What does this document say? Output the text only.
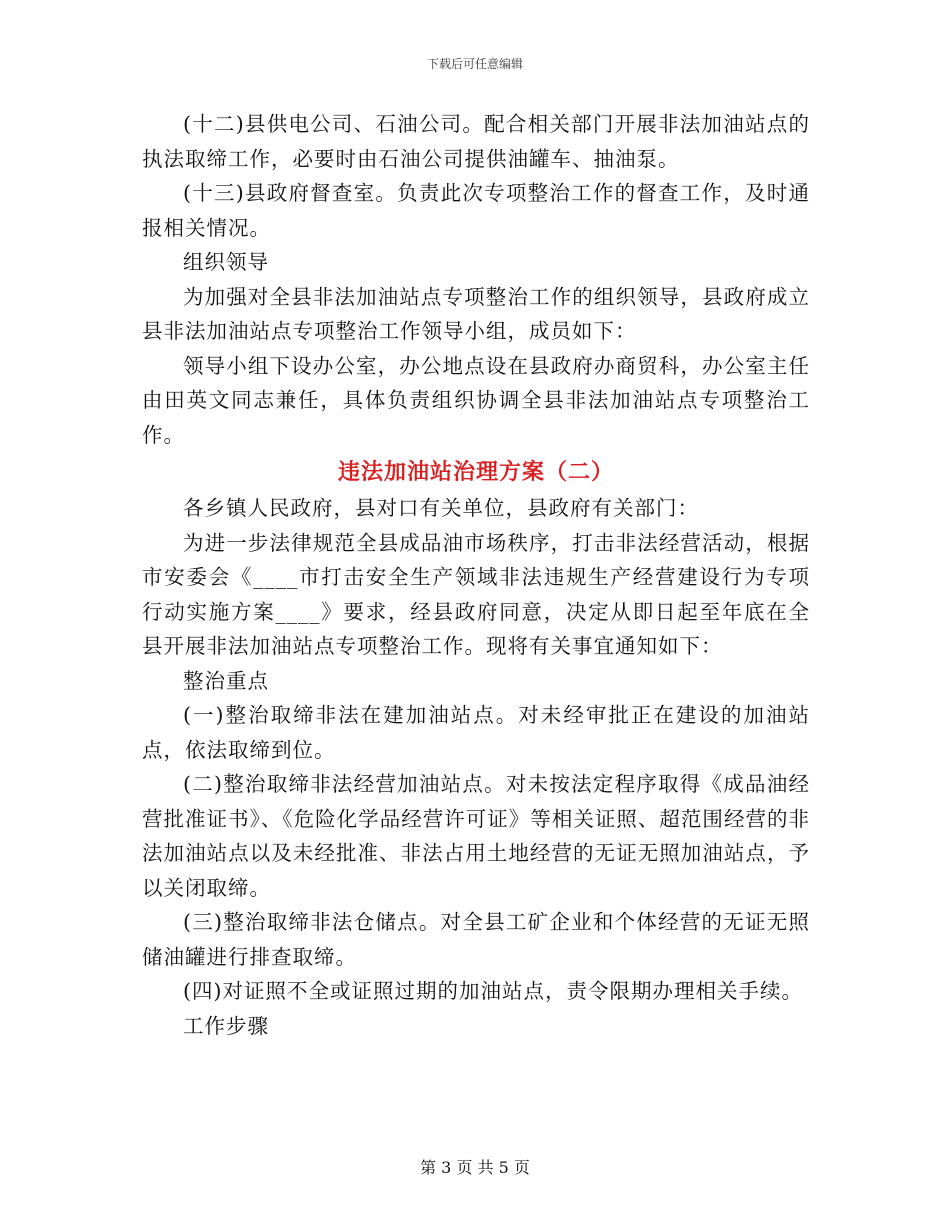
下载后可任意编辑

(十二)县供电公司、石油公司。配合相关部门开展非法加油站点的执法取缔工作，必要时由石油公司提供油罐车、抽油泵。

(十三)县政府督查室。负责此次专项整治工作的督查工作，及时通报相关情况。

组织领导

为加强对全县非法加油站点专项整治工作的组织领导，县政府成立县非法加油站点专项整治工作领导小组，成员如下：

领导小组下设办公室，办公地点设在县政府办商贸科，办公室主任由田英文同志兼任，具体负责组织协调全县非法加油站点专项整治工作。

违法加油站治理方案（二）

各乡镇人民政府，县对口有关单位，县政府有关部门：

为进一步法律规范全县成品油市场秩序，打击非法经营活动，根据市安委会《____市打击安全生产领域非法违规生产经营建设行为专项行动实施方案____》要求，经县政府同意，决定从即日起至年底在全县开展非法加油站点专项整治工作。现将有关事宜通知如下：

整治重点

(一)整治取缔非法在建加油站点。对未经审批正在建设的加油站点，依法取缔到位。

(二)整治取缔非法经营加油站点。对未按法定程序取得《成品油经营批准证书》、《危险化学品经营许可证》等相关证照、超范围经营的非法加油站点以及未经批准、非法占用土地经营的无证无照加油站点，予以关闭取缔。

(三)整治取缔非法仓储点。对全县工矿企业和个体经营的无证无照储油罐进行排查取缔。

(四)对证照不全或证照过期的加油站点，责令限期办理相关手续。

工作步骤

第 3 页 共 5 页
